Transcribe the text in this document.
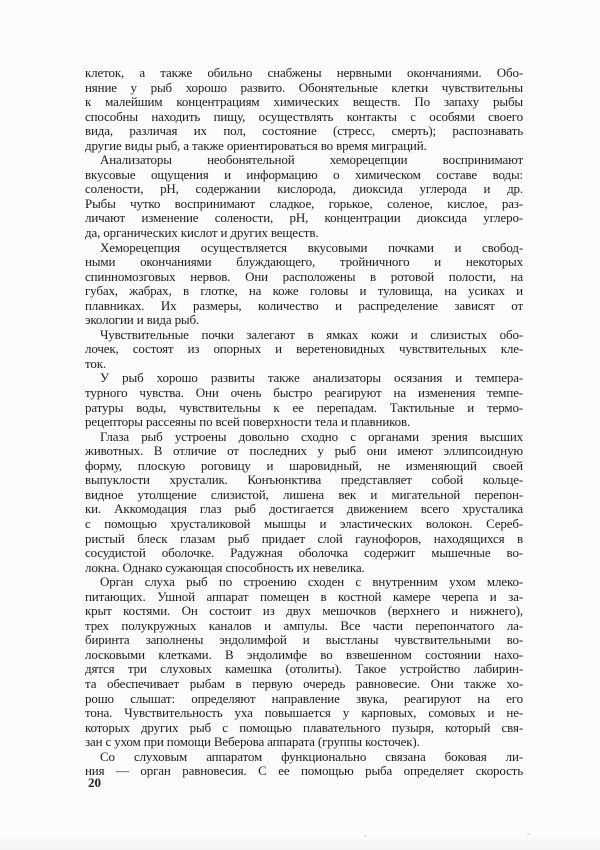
клеток, а также обильно снабжены нервными окончаниями. Обо-
няние у рыб хорошо развито. Обонятельные клетки чувствительны
к малейшим концентрациям химических веществ. По запаху рыбы
способны находить пищу, осуществлять контакты с особями своего
вида, различая их пол, состояние (стресс, смерть); распознавать
другие виды рыб, а также ориентироваться во время миграций.
Анализаторы необонятельной хеморецепции воспринимают
вкусовые ощущения и информацию о химическом составе воды:
солености, pH, содержании кислорода, диоксида углерода и др.
Рыбы чутко воспринимают сладкое, горькое, соленое, кислое, раз-
личают изменение солености, pH, концентрации диоксида углеро-
да, органических кислот и других веществ.
Хеморецепция осуществляется вкусовыми почками и свобод-
ными окончаниями блуждающего, тройничного и некоторых
спинномозговых нервов. Они расположены в ротовой полости, на
губах, жабрах, в глотке, на коже головы и туловища, на усиках и
плавниках. Их размеры, количество и распределение зависят от
экологии и вида рыб.
Чувствительные почки залегают в ямках кожи и слизистых обо-
лочек, состоят из опорных и веретеновидных чувствительных кле-
ток.
У рыб хорошо развиты также анализаторы осязания и темпера-
турного чувства. Они очень быстро реагируют на изменения темпе-
ратуры воды, чувствительны к ее перепадам. Тактильные и термо-
рецепторы рассеяны по всей поверхности тела и плавников.
Глаза рыб устроены довольно сходно с органами зрения высших
животных. В отличие от последних у рыб они имеют эллипсоидную
форму, плоскую роговицу и шаровидный, не изменяющий своей
выпуклости хрусталик. Конъюнктива представляет собой кольце-
видное утолщение слизистой, лишена век и мигательной перепон-
ки. Аккомодация глаз рыб достигается движением всего хрусталика
с помощью хрусталиковой мышцы и эластических волокон. Сереб-
ристый блеск глазам рыб придает слой гаунофоров, находящихся в
сосудистой оболочке. Радужная оболочка содержит мышечные во-
локна. Однако сужающая способность их невелика.
Орган слуха рыб по строению сходен с внутренним ухом млеко-
питающих. Ушной аппарат помещен в костной камере черепа и за-
крыт костями. Он состоит из двух мешочков (верхнего и нижнего),
трех полукружных каналов и ампулы. Все части перепончатого ла-
биринта заполнены эндолимфой и выстланы чувствительными во-
лосковыми клетками. В эндолимфе во взвешенном состоянии нахо-
дятся три слуховых камешка (отолиты). Такое устройство лабирин-
та обеспечивает рыбам в первую очередь равновесие. Они также хо-
рошо слышат: определяют направление звука, реагируют на его
тона. Чувствительность уха повышается у карповых, сомовых и не-
которых других рыб с помощью плавательного пузыря, который свя-
зан с ухом при помощи Веберова аппарата (группы косточек).
Со слуховым аппаратом функционально связана боковая ли-
ния — орган равновесия. С ее помощью рыба определяет скорость
20
